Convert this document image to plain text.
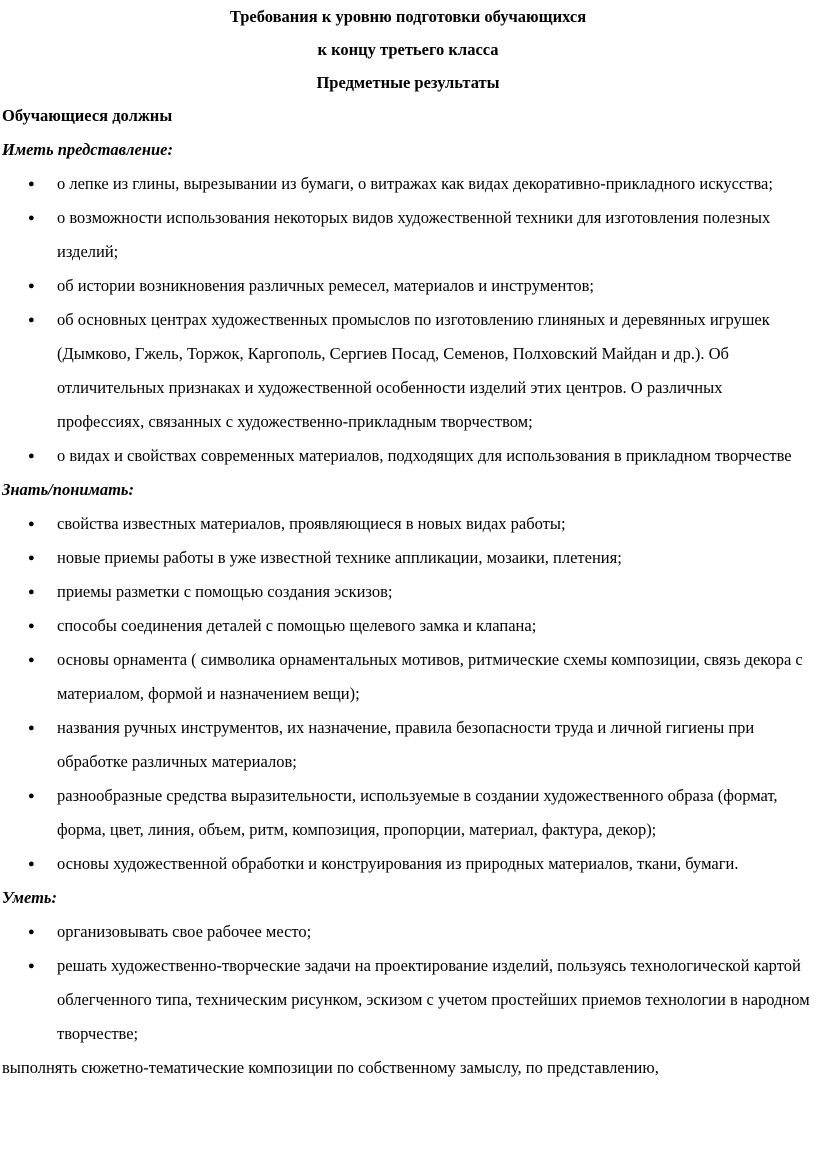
Требования к уровню подготовки обучающихся

к концу третьего класса

Предметные результаты

Обучающиеся должны

Иметь представление:

● о лепке из глины, вырезывании из бумаги, о витражах как видах декоративно-прикладного искусства;
● о возможности использования некоторых видов художественной техники для изготовления полезных изделий;
● об истории возникновения различных ремесел, материалов и инструментов;
● об основных центрах художественных промыслов по изготовлению глиняных и деревянных игрушек (Дымково, Гжель, Торжок, Каргополь, Сергиев Посад, Семенов, Полховский Майдан и др.). Об отличительных признаках и художественной особенности изделий этих центров. О различных профессиях, связанных с художественно-прикладным творчеством;
● о видах и свойствах современных материалов, подходящих для использования в прикладном творчестве

Знать/понимать:

● свойства известных материалов, проявляющиеся в новых видах работы;
● новые приемы работы в уже известной технике аппликации, мозаики, плетения;
● приемы разметки с помощью создания эскизов;
● способы соединения деталей с помощью щелевого замка и клапана;
● основы орнамента ( символика орнаментальных мотивов, ритмические схемы композиции, связь декора с материалом, формой и назначением вещи);
● названия ручных инструментов, их назначение, правила безопасности труда и личной гигиены при обработке различных материалов;
● разнообразные средства выразительности, используемые в создании художественного образа (формат, форма, цвет, линия, объем, ритм, композиция, пропорции, материал, фактура, декор);
● основы художественной обработки и конструирования из природных материалов, ткани, бумаги.

Уметь:

● организовывать свое рабочее место;
● решать художественно-творческие задачи на проектирование изделий, пользуясь технологической картой облегченного типа, техническим рисунком, эскизом с учетом простейших приемов технологии в народном творчестве;

выполнять сюжетно-тематические композиции по собственному замыслу, по представлению,
